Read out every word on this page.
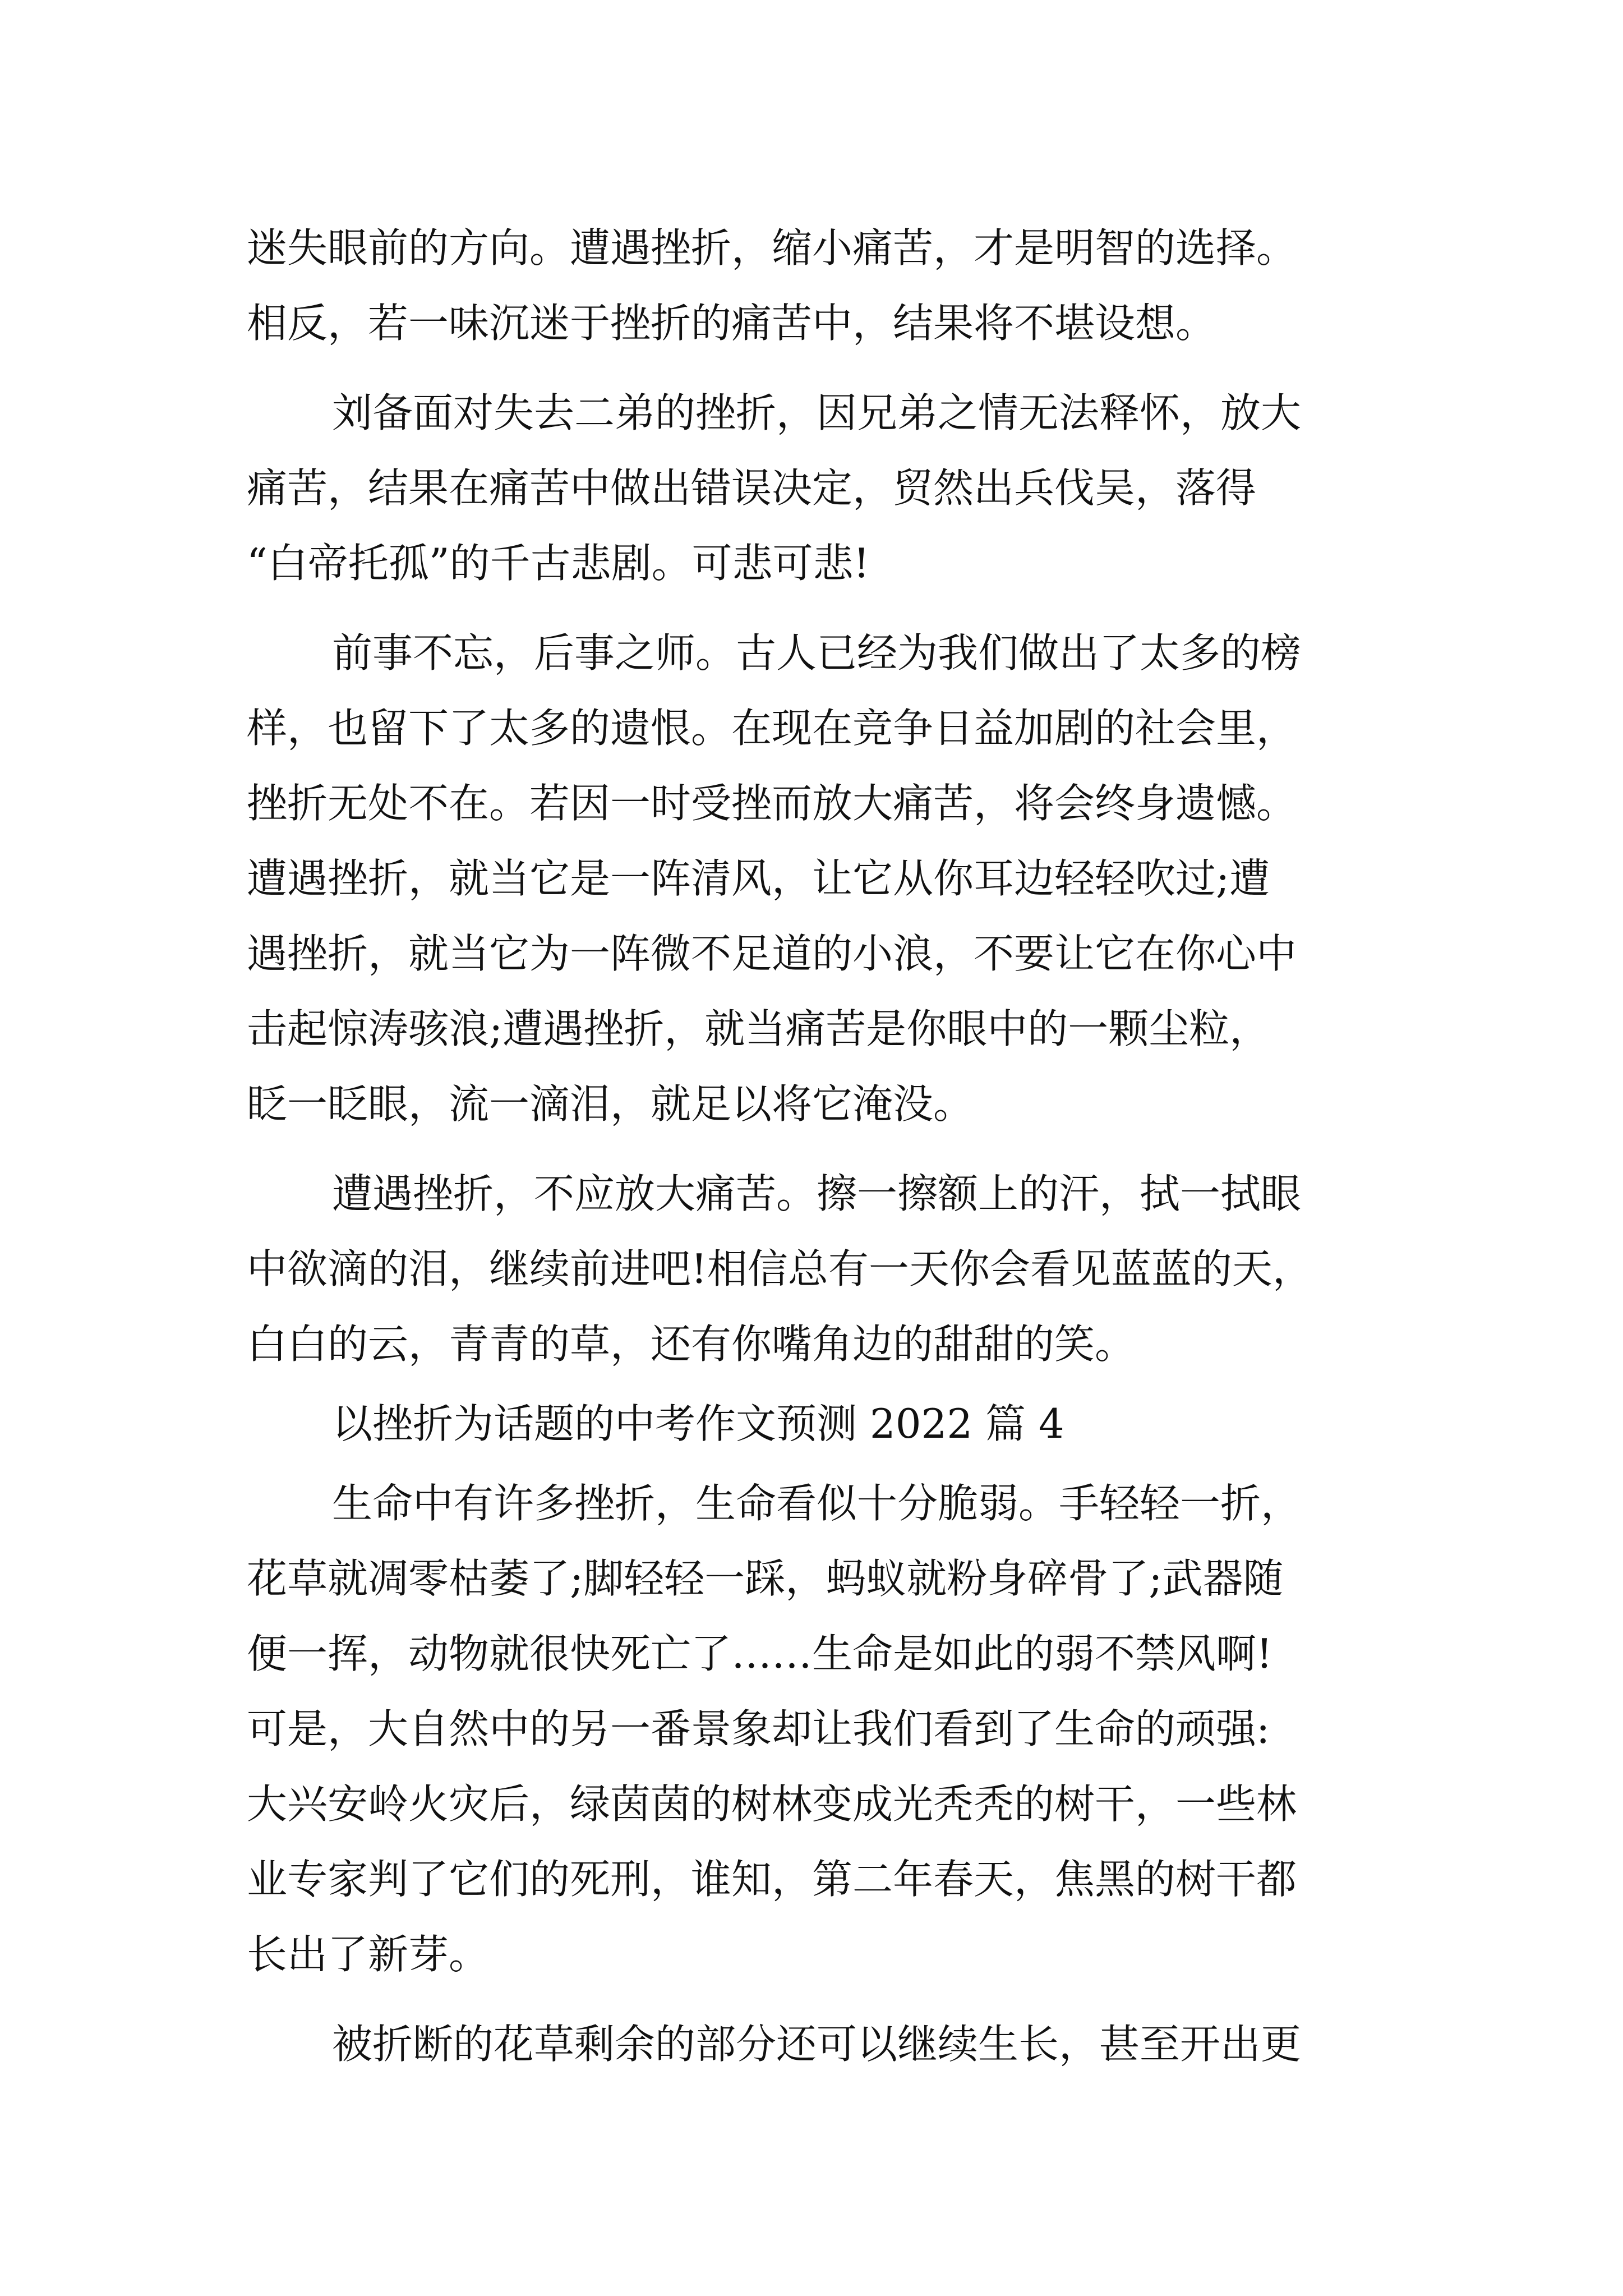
迷失眼前的方向。遭遇挫折，缩小痛苦，才是明智的选择。
相反，若一味沉迷于挫折的痛苦中，结果将不堪设想。
刘备面对失去二弟的挫折，因兄弟之情无法释怀，放大
痛苦，结果在痛苦中做出错误决定，贸然出兵伐吴，落得
“白帝托孤”的千古悲剧。可悲可悲!
前事不忘，后事之师。古人已经为我们做出了太多的榜
样，也留下了太多的遗恨。在现在竞争日益加剧的社会里，
挫折无处不在。若因一时受挫而放大痛苦，将会终身遗憾。
遭遇挫折，就当它是一阵清风，让它从你耳边轻轻吹过;遭
遇挫折，就当它为一阵微不足道的小浪，不要让它在你心中
击起惊涛骇浪;遭遇挫折，就当痛苦是你眼中的一颗尘粒，
眨一眨眼，流一滴泪，就足以将它淹没。
遭遇挫折，不应放大痛苦。擦一擦额上的汗，拭一拭眼
中欲滴的泪，继续前进吧!相信总有一天你会看见蓝蓝的天，
白白的云，青青的草，还有你嘴角边的甜甜的笑。
以挫折为话题的中考作文预测 2022 篇 4
生命中有许多挫折，生命看似十分脆弱。手轻轻一折，
花草就凋零枯萎了;脚轻轻一踩，蚂蚁就粉身碎骨了;武器随
便一挥，动物就很快死亡了……生命是如此的弱不禁风啊!
可是，大自然中的另一番景象却让我们看到了生命的顽强:
大兴安岭火灾后，绿茵茵的树林变成光秃秃的树干，一些林
业专家判了它们的死刑，谁知，第二年春天，焦黑的树干都
长出了新芽。
被折断的花草剩余的部分还可以继续生长，甚至开出更
